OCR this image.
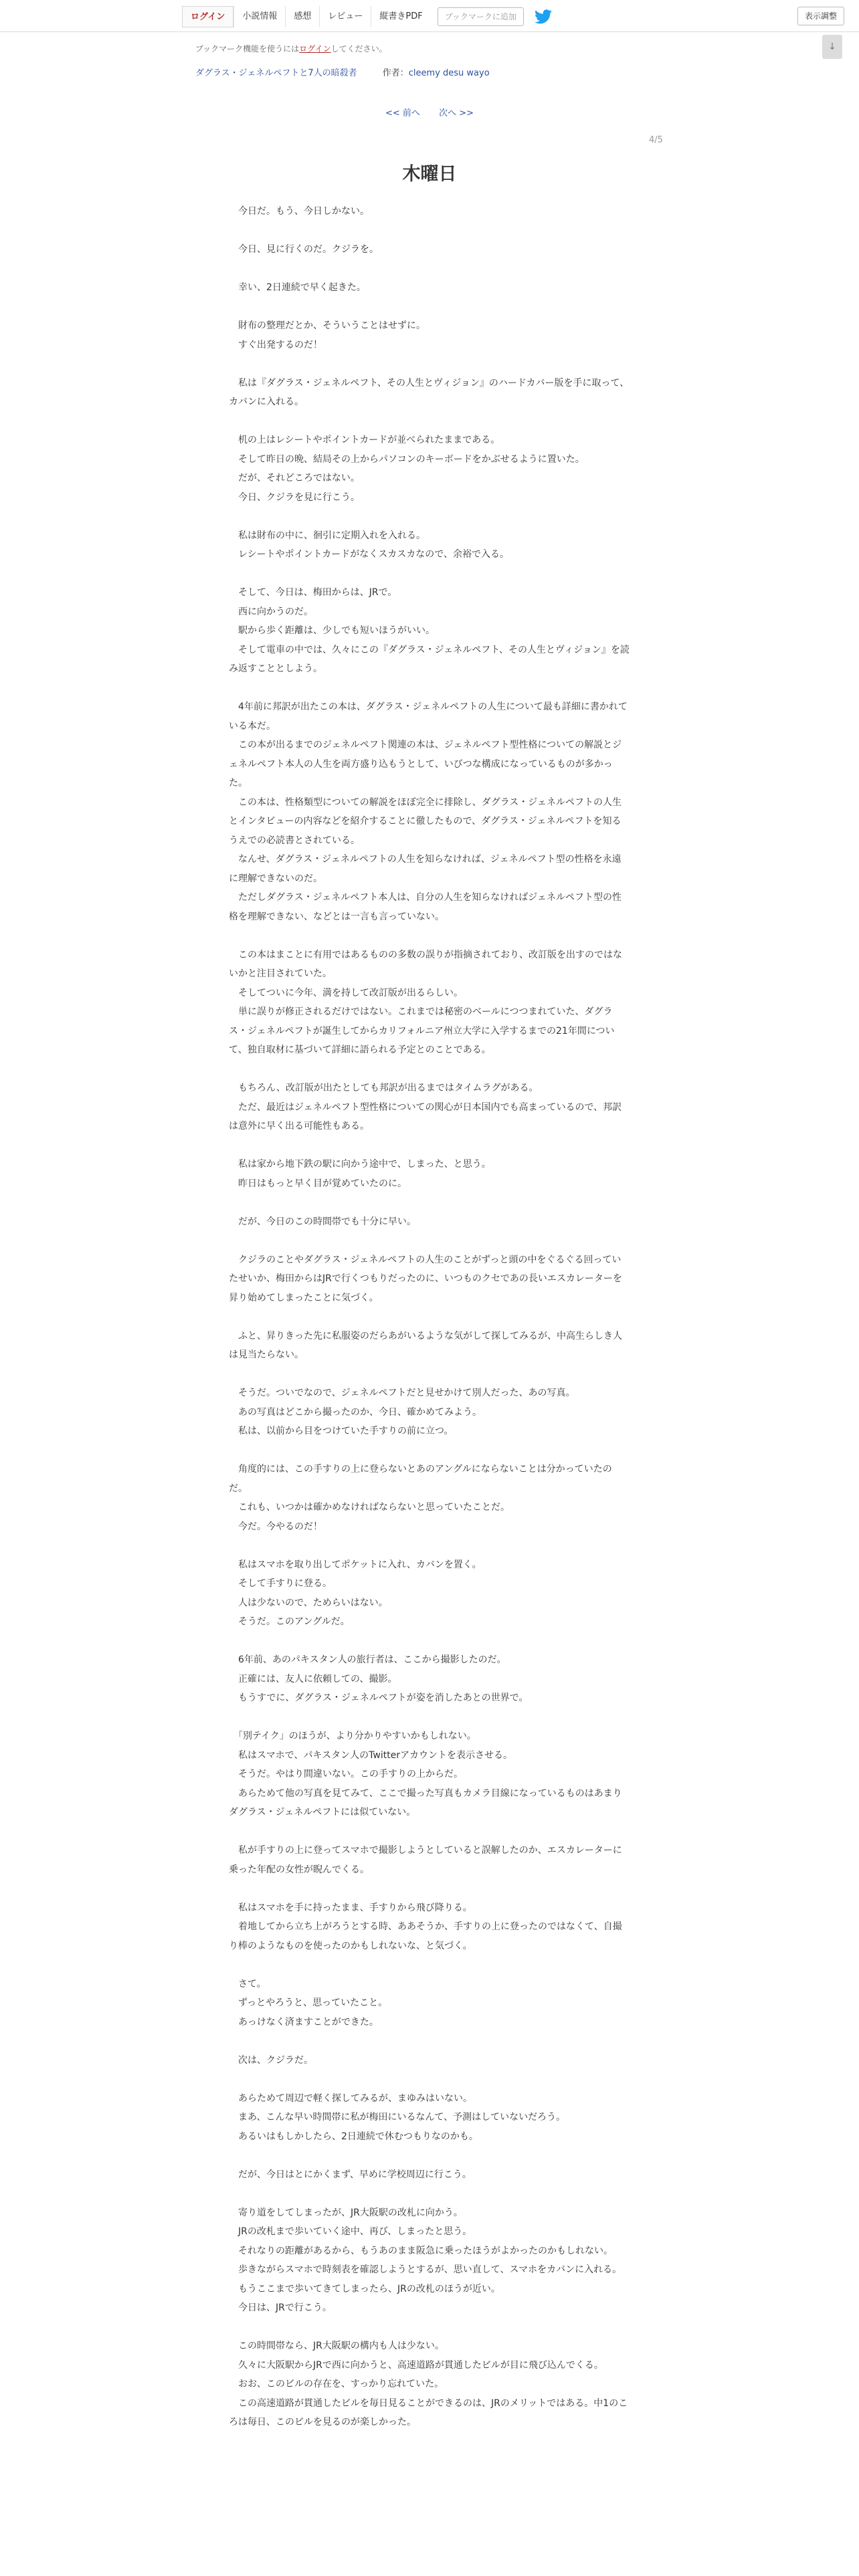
ログイン	小説情報	感想	レビュー	縦書きPDF	ブックマークに追加	表示調整
ブックマーク機能を使うにはログインしてください。	↓
ダグラス・ジェネルペフトと7人の暗殺者	作者：cleemy desu wayo
<< 前へ 次へ >>
4/5
木曜日
　今日だ。もう、今日しかない。
　今日、見に行くのだ。クジラを。
　幸い、2日連続で早く起きた。
　財布の整理だとか、そういうことはせずに。
　すぐ出発するのだ！
　私は『ダグラス・ジェネルペフト、その人生とヴィジョン』のハードカバー版を手に取って、カバンに入れる。
　机の上はレシートやポイントカードが並べられたままである。
　そして昨日の晩、結局その上からパソコンのキーボードをかぶせるように置いた。
　だが、それどころではない。
　今日、クジラを見に行こう。
　私は財布の中に、徊引に定期入れを入れる。
　レシートやポイントカードがなくスカスカなので、余裕で入る。
　そして、今日は、梅田からは、JRで。
　西に向かうのだ。
　駅から歩く距離は、少しでも短いほうがいい。
　そして電車の中では、久々にこの『ダグラス・ジェネルペフト、その人生とヴィジョン』を読み返すこととしよう。
　4年前に邦訳が出たこの本は、ダグラス・ジェネルペフトの人生について最も詳細に書かれている本だ。
　この本が出るまでのジェネルペフト関連の本は、ジェネルペフト型性格についての解説とジェネルペフト本人の人生を両方盛り込もうとして、いびつな構成になっているものが多かった。
　この本は、性格類型についての解説をほぼ完全に排除し、ダグラス・ジェネルペフトの人生とインタビューの内容などを紹介することに徹したもので、ダグラス・ジェネルペフトを知るうえでの必読書とされている。
　なんせ、ダグラス・ジェネルペフトの人生を知らなければ、ジェネルペフト型の性格を永遠に理解できないのだ。
　ただしダグラス・ジェネルペフト本人は、自分の人生を知らなければジェネルペフト型の性格を理解できない、などとは一言も言っていない。
　この本はまことに有用ではあるものの多数の誤りが指摘されており、改訂版を出すのではないかと注目されていた。
　そしてついに今年、満を持して改訂版が出るらしい。
　単に誤りが修正されるだけではない。これまでは秘密のベールにつつまれていた、ダグラス・ジェネルペフトが誕生してからカリフォルニア州立大学に入学するまでの21年間について、独自取材に基づいて詳細に語られる予定とのことである。
　もちろん、改訂版が出たとしても邦訳が出るまではタイムラグがある。
　ただ、最近はジェネルペフト型性格についての関心が日本国内でも高まっているので、邦訳は意外に早く出る可能性もある。
　私は家から地下鉄の駅に向かう途中で、しまった、と思う。
　昨日はもっと早く目が覚めていたのに。
　だが、今日のこの時間帯でも十分に早い。
　クジラのことやダグラス・ジェネルペフトの人生のことがずっと頭の中をぐるぐる回っていたせいか、梅田からはJRで行くつもりだったのに、いつものクセであの長いエスカレーターを昇り始めてしまったことに気づく。
　ふと、昇りきった先に私服姿のだらあがいるような気がして探してみるが、中高生らしき人は見当たらない。
　そうだ。ついでなので、ジェネルペフトだと見せかけて別人だった、あの写真。
　あの写真はどこから撮ったのか、今日、確かめてみよう。
　私は、以前から目をつけていた手すりの前に立つ。
　角度的には、この手すりの上に登らないとあのアングルにならないことは分かっていたのだ。
　これも、いつかは確かめなければならないと思っていたことだ。
　今だ。今やるのだ！
　私はスマホを取り出してポケットに入れ、カバンを置く。
　そして手すりに登る。
　人は少ないので、ためらいはない。
　そうだ。このアングルだ。
　6年前、あのパキスタン人の旅行者は、ここから撮影したのだ。
　正確には、友人に依頼しての、撮影。
　もうすでに、ダグラス・ジェネルペフトが姿を消したあとの世界で。
　「別テイク」のほうが、より分かりやすいかもしれない。
　私はスマホで、パキスタン人のTwitterアカウントを表示させる。
　そうだ。やはり間違いない。この手すりの上からだ。
　あらためて他の写真を見てみて、ここで撮った写真もカメラ目線になっているものはあまりダグラス・ジェネルペフトには似ていない。
　私が手すりの上に登ってスマホで撮影しようとしていると誤解したのか、エスカレーターに乗った年配の女性が睨んでくる。
　私はスマホを手に持ったまま、手すりから飛び降りる。
　着地してから立ち上がろうとする時、ああそうか、手すりの上に登ったのではなくて、自撮り棒のようなものを使ったのかもしれないな、と気づく。
　さて。
　ずっとやろうと、思っていたこと。
　あっけなく済ますことができた。
　次は、クジラだ。
　あらためて周辺で軽く探してみるが、まゆみはいない。
　まあ、こんな早い時間帯に私が梅田にいるなんて、予測はしていないだろう。
　あるいはもしかしたら、2日連続で休むつもりなのかも。
　だが、今日はとにかくまず、早めに学校周辺に行こう。
　寄り道をしてしまったが、JR大阪駅の改札に向かう。
　JRの改札まで歩いていく途中、再び、しまったと思う。
　それなりの距離があるから、もうあのまま阪急に乗ったほうがよかったのかもしれない。
　歩きながらスマホで時刻表を確認しようとするが、思い直して、スマホをカバンに入れる。
　もうここまで歩いてきてしまったら、JRの改札のほうが近い。
　今日は、JRで行こう。
　この時間帯なら、JR大阪駅の構内も人は少ない。
　久々に大阪駅からJRで西に向かうと、高速道路が貫通したビルが目に飛び込んでくる。
　おお、このビルの存在を、すっかり忘れていた。
　この高速道路が貫通したビルを毎日見ることができるのは、JRのメリットではある。中1のころは毎日、このビルを見るのが楽しかった。
